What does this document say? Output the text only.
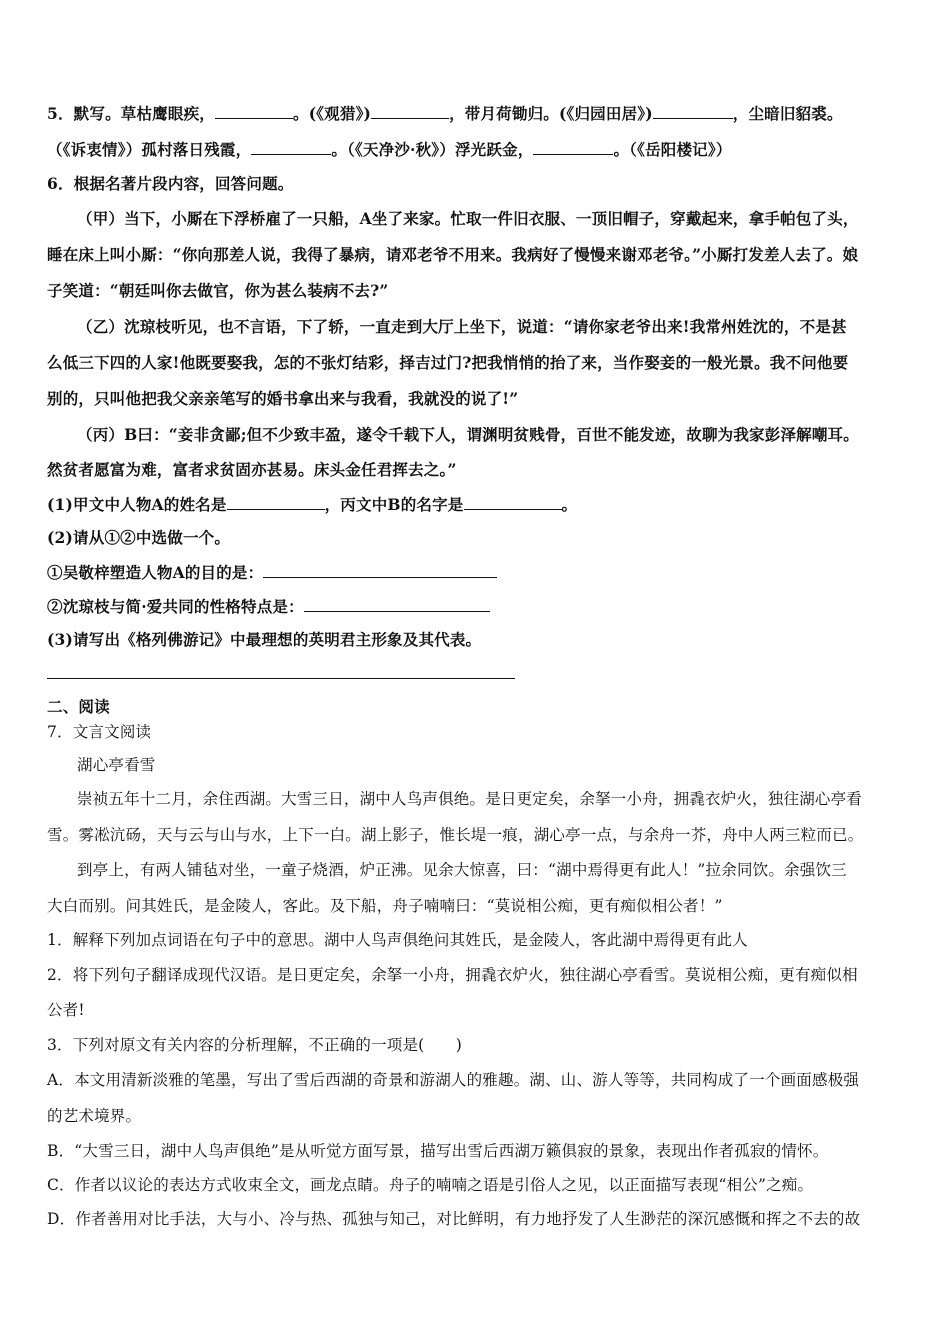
5．默写。草枯鹰眼疾，	。(《观猎》)	，带月荷锄归。(《归园田居》)	，尘暗旧貂裘。
（《诉衷情》）孤村落日残霞，	。（《天净沙·秋》）浮光跃金，	。（《岳阳楼记》）
6．根据名著片段内容，回答问题。
（甲）当下，小厮在下浮桥雇了一只船，A坐了来家。忙取一件旧衣服、一顶旧帽子，穿戴起来，拿手帕包了头，
睡在床上叫小厮：“你向那差人说，我得了暴病，请邓老爷不用来。我病好了慢慢来谢邓老爷。”小厮打发差人去了。娘
子笑道：“朝廷叫你去做官，你为甚么装病不去?”
（乙）沈琼枝听见，也不言语，下了轿，一直走到大厅上坐下，说道：“请你家老爷出来!我常州姓沈的，不是甚
么低三下四的人家!他既要娶我，怎的不张灯结彩，择吉过门?把我悄悄的抬了来，当作娶妾的一般光景。我不问他要
别的，只叫他把我父亲亲笔写的婚书拿出来与我看，我就没的说了!”
（丙）B曰：“妾非贪鄙;但不少致丰盈，遂令千载下人，谓渊明贫贱骨，百世不能发迹，故聊为我家彭泽解嘲耳。
然贫者愿富为难，富者求贫固亦甚易。床头金任君挥去之。”
(1)甲文中人物A的姓名是	，丙文中B的名字是	。
(2)请从①②中选做一个。
①吴敬梓塑造人物A的目的是：
②沈琼枝与简·爱共同的性格特点是：
(3)请写出《格列佛游记》中最理想的英明君主形象及其代表。
二、阅读
7．文言文阅读
湖心亭看雪
崇祯五年十二月，余住西湖。大雪三日，湖中人鸟声俱绝。是日更定矣，余拏一小舟，拥毳衣炉火，独往湖心亭看
雪。雾凇沆砀，天与云与山与水，上下一白。湖上影子，惟长堤一痕，湖心亭一点，与余舟一芥，舟中人两三粒而已。
到亭上，有两人铺毡对坐，一童子烧酒，炉正沸。见余大惊喜，曰：“湖中焉得更有此人！”拉余同饮。余强饮三
大白而别。问其姓氏，是金陵人，客此。及下船，舟子喃喃曰：“莫说相公痴，更有痴似相公者！”
1．解释下列加点词语在句子中的意思。湖中人鸟声俱绝问其姓氏，是金陵人，客此湖中焉得更有此人
2．将下列句子翻译成现代汉语。是日更定矣，余拏一小舟，拥毳衣炉火，独往湖心亭看雪。莫说相公痴，更有痴似相
公者!
3．下列对原文有关内容的分析理解，不正确的一项是(　　)
A．本文用清新淡雅的笔墨，写出了雪后西湖的奇景和游湖人的雅趣。湖、山、游人等等，共同构成了一个画面感极强
的艺术境界。
B．“大雪三日，湖中人鸟声俱绝”是从听觉方面写景，描写出雪后西湖万籁俱寂的景象，表现出作者孤寂的情怀。
C．作者以议论的表达方式收束全文，画龙点睛。舟子的喃喃之语是引俗人之见，以正面描写表现“相公”之痴。
D．作者善用对比手法，大与小、冷与热、孤独与知己，对比鲜明，有力地抒发了人生渺茫的深沉感慨和挥之不去的故
